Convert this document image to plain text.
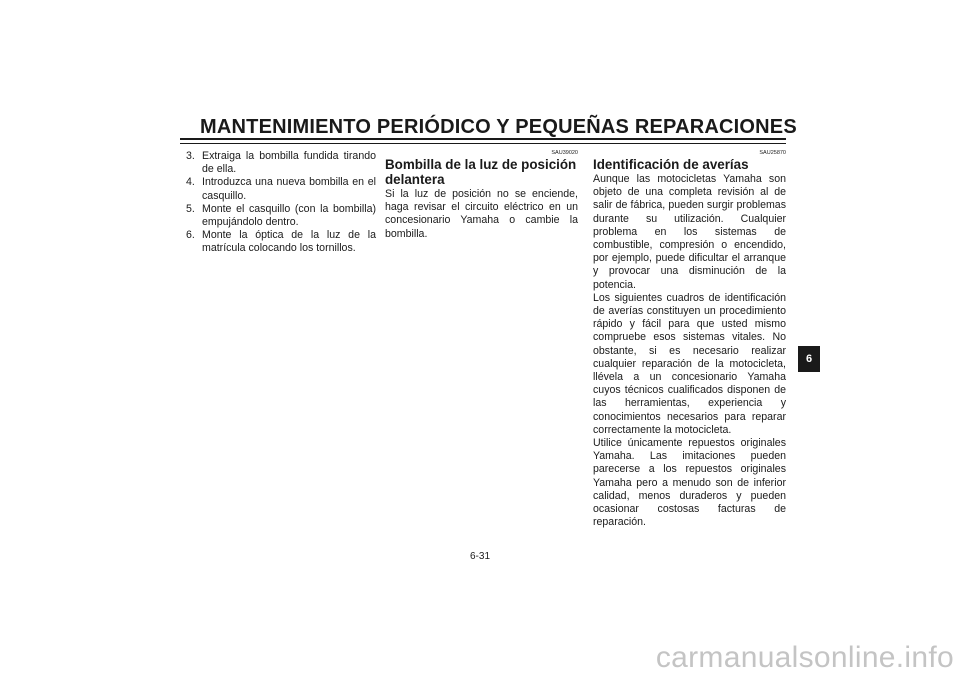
MANTENIMIENTO PERIÓDICO Y PEQUEÑAS REPARACIONES
3. Extraiga la bombilla fundida tirando de ella.
4. Introduzca una nueva bombilla en el casquillo.
5. Monte el casquillo (con la bombilla) empujándolo dentro.
6. Monte la óptica de la luz de la matrícula colocando los tornillos.
SAU39020
Bombilla de la luz de posición delantera

Si la luz de posición no se enciende, haga revisar el circuito eléctrico en un concesionario Yamaha o cambie la bombilla.

SAU25870
Identificación de averías

Aunque las motocicletas Yamaha son objeto de una completa revisión al de salir de fábrica, pueden surgir problemas durante su utilización. Cualquier problema en los sistemas de combustible, compresión o encendido, por ejemplo, puede dificultar el arranque y provocar una disminución de la potencia.

Los siguientes cuadros de identificación de averías constituyen un procedimiento rápido y fácil para que usted mismo compruebe esos sistemas vitales. No obstante, si es necesario realizar cualquier reparación de la motocicleta, llévela a un concesionario Yamaha cuyos técnicos cualificados disponen de las herramientas, experiencia y conocimientos necesarios para reparar correctamente la motocicleta.

Utilice únicamente repuestos originales Yamaha. Las imitaciones pueden parecerse a los repuestos originales Yamaha pero a menudo son de inferior calidad, menos duraderos y pueden ocasionar costosas facturas de reparación.

6
6-31
carmanualsonline.info
